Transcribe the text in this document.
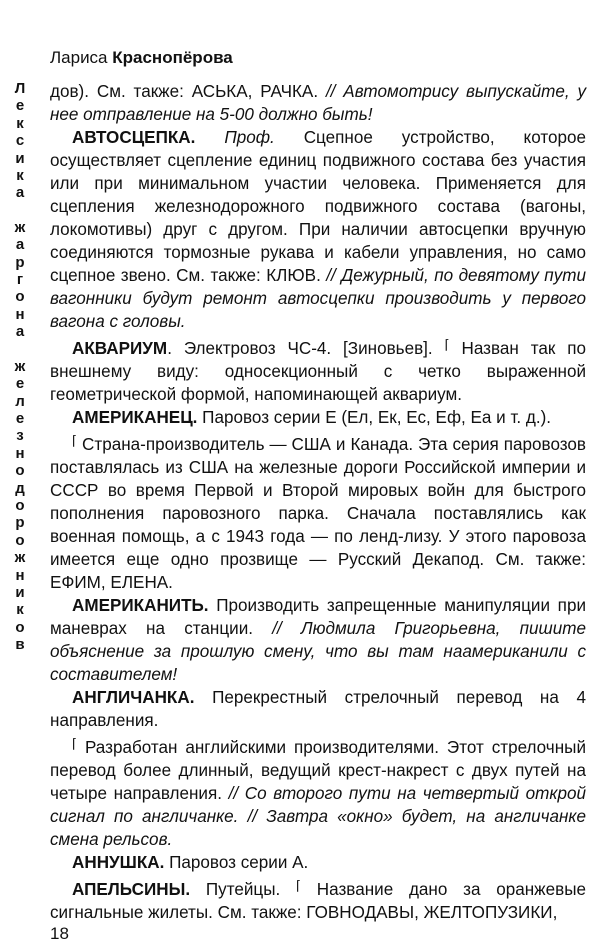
Лариса Краснопёрова
Л
е
к
с
и
к
а
ж
а
р
г
о
н
а
ж
е
л
е
з
н
о
д
о
р
о
ж
н
и
к
о
в

дов). См. также: АСЬКА, РАЧКА. // Автомотрису выпускайте, у нее отправление на 5-00 должно быть!

АВТОСЦЕПКА. Проф. Сцепное устройство, которое осуществляет сцепление единиц подвижного состава без участия или при минимальном участии человека. Применяется для сцепления железнодорожного подвижного состава (вагоны, локомотивы) друг с другом. При наличии автосцепки вручную соединяются тормозные рукава и кабели управления, но само сцепное звено. См. также: КЛЮВ. // Дежурный, по девятому пути вагонники будут ремонт автосцепки производить у первого вагона с головы.

АКВАРИУМ. Электровоз ЧС-4. [Зиновьев]. ⌈ Назван так по внешнему виду: односекционный с четко выраженной геометрической формой, напоминающей аквариум.

АМЕРИКАНЕЦ. Паровоз серии Е (Ел, Ек, Ес, Еф, Еа и т. д.).

⌈ Страна-производитель — США и Канада. Эта серия паровозов поставлялась из США на железные дороги Российской империи и СССР во время Первой и Второй мировых войн для быстрого пополнения паровозного парка. Сначала поставлялись как военная помощь, а с 1943 года — по ленд-лизу. У этого паровоза имеется еще одно прозвище — Русский Декапод. См. также: ЕФИМ, ЕЛЕНА.

АМЕРИКАНИТЬ. Производить запрещенные манипуляции при маневрах на станции. // Людмила Григорьевна, пишите объяснение за прошлую смену, что вы там наамериканили с составителем!

АНГЛИЧАНКА. Перекрестный стрелочный перевод на 4 направления.

⌈ Разработан английскими производителями. Этот стрелочный перевод более длинный, ведущий крест-накрест с двух путей на четыре направления. // Со второго пути на четвертый открой сигнал по англичанке. // Завтра «окно» будет, на англичанке смена рельсов.

АННУШКА. Паровоз серии А.

АПЕЛЬСИНЫ. Путейцы. ⌈ Название дано за оранжевые сигнальные жилеты. См. также: ГОВНОДАВЫ, ЖЕЛТОПУЗИКИ,

18
